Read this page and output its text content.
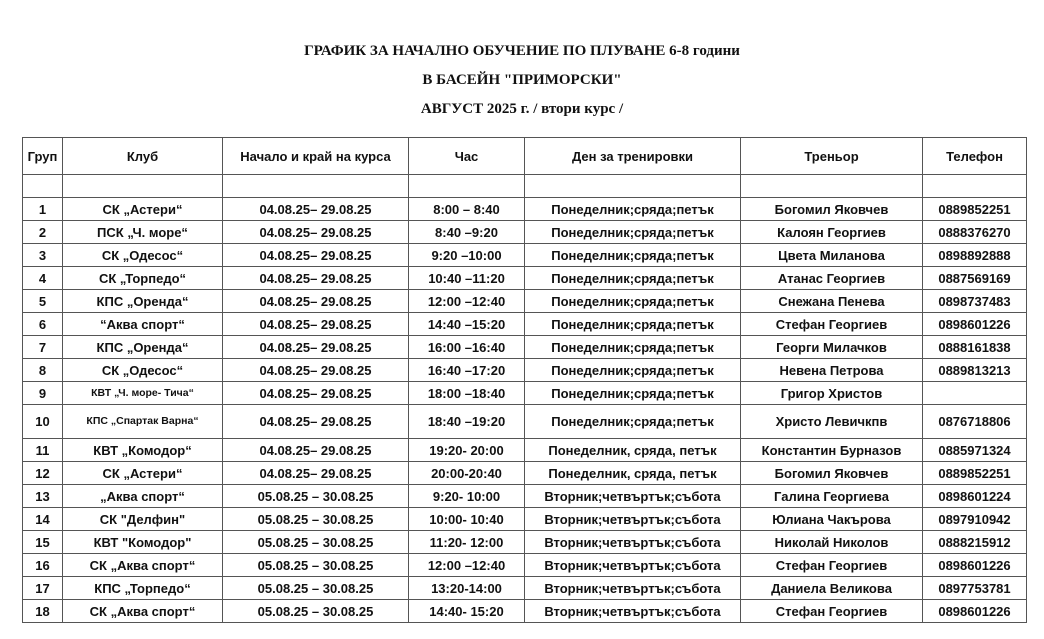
ГРАФИК ЗА НАЧАЛНО ОБУЧЕНИЕ ПО ПЛУВАНЕ 6-8 години
В БАСЕЙН "ПРИМОРСКИ"
АВГУСТ 2025 г. / втори курс /
Груп	Клуб	Начало и край на курса	Час	Ден за тренировки	Треньор	Телефон

1	СК „Астери“	04.08.25– 29.08.25	8:00 – 8:40	Понеделник;сряда;петък	Богомил Яковчев	0889852251
2	ПСК „Ч. море“	04.08.25– 29.08.25	8:40 –9:20	Понеделник;сряда;петък	Калоян Георгиев	0888376270
3	СК „Одесос“	04.08.25– 29.08.25	9:20 –10:00	Понеделник;сряда;петък	Цвета Миланова	0898892888
4	СК „Торпедо“	04.08.25– 29.08.25	10:40 –11:20	Понеделник;сряда;петък	Атанас Георгиев	0887569169
5	КПС „Оренда“	04.08.25– 29.08.25	12:00 –12:40	Понеделник;сряда;петък	Снежана Пенева	0898737483
6	“Аква спорт“	04.08.25– 29.08.25	14:40 –15:20	Понеделник;сряда;петък	Стефан Георгиев	0898601226
7	КПС „Оренда“	04.08.25– 29.08.25	16:00 –16:40	Понеделник;сряда;петък	Георги Милачков	0888161838
8	СК „Одесос“	04.08.25– 29.08.25	16:40 –17:20	Понеделник;сряда;петък	Невена Петрова	0889813213
9	КВТ „Ч. море- Тича“	04.08.25– 29.08.25	18:00 –18:40	Понеделник;сряда;петък	Григор Христов	
10	КПС „Спартак Варна“	04.08.25– 29.08.25	18:40 –19:20	Понеделник;сряда;петък	Христо Левичкпв	0876718806
11	КВТ „Комодор“	04.08.25– 29.08.25	19:20- 20:00	Понеделник, сряда, петък	Константин Бурназов	0885971324
12	СК „Астери“	04.08.25– 29.08.25	20:00-20:40	Понеделник, сряда, петък	Богомил Яковчев	0889852251
13	„Аква спорт“	05.08.25 – 30.08.25	9:20- 10:00	Вторник;четвъртък;събота	Галина Георгиева	0898601224
14	СК "Делфин"	05.08.25 – 30.08.25	10:00- 10:40	Вторник;четвъртък;събота	Юлиана Чакърова	0897910942
15	КВТ "Комодор"	05.08.25 – 30.08.25	11:20- 12:00	Вторник;четвъртък;събота	Николай Николов	0888215912
16	СК „Аква спорт“	05.08.25 – 30.08.25	12:00 –12:40	Вторник;четвъртък;събота	Стефан Георгиев	0898601226
17	КПС „Торпедо“	05.08.25 – 30.08.25	13:20-14:00	Вторник;четвъртък;събота	Даниела Великова	0897753781
18	СК „Аква спорт“	05.08.25 – 30.08.25	14:40- 15:20	Вторник;четвъртък;събота	Стефан Георгиев	0898601226
